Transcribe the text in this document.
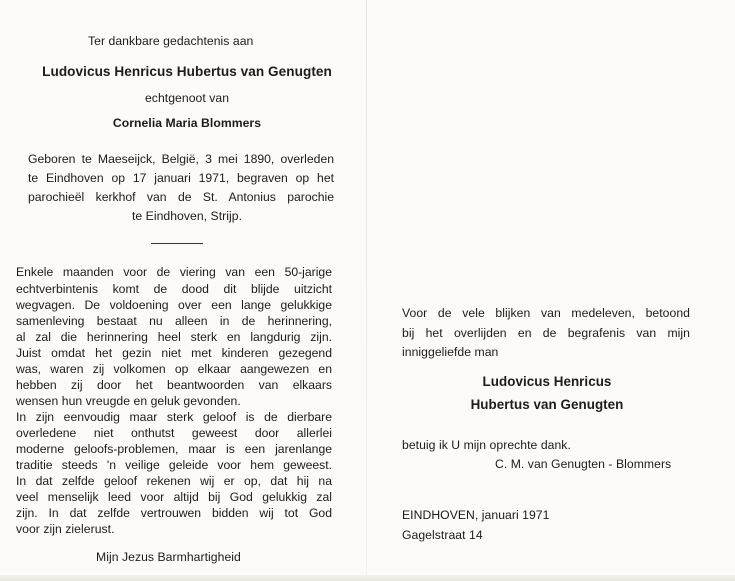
Ter dankbare gedachtenis aan
Ludovicus Henricus Hubertus van Genugten
echtgenoot van
Cornelia Maria Blommers
Geboren te Maeseijck, België, 3 mei 1890, overleden
te Eindhoven op 17 januari 1971, begraven op het
parochieël kerkhof van de St. Antonius parochie
te Eindhoven, Strijp.
Enkele maanden voor de viering van een 50-jarige
echtverbintenis komt de dood dit blijde uitzicht
wegvagen. De voldoening over een lange gelukkige
samenleving bestaat nu alleen in de herinnering,
al zal die herinnering heel sterk en langdurig zijn.
Juist omdat het gezin niet met kinderen gezegend
was, waren zij volkomen op elkaar aangewezen en
hebben zij door het beantwoorden van elkaars
wensen hun vreugde en geluk gevonden.
In zijn eenvoudig maar sterk geloof is de dierbare
overledene niet onthutst geweest door allerlei
moderne geloofs-problemen, maar is een jarenlange
traditie steeds 'n veilige geleide voor hem geweest.
In dat zelfde geloof rekenen wij er op, dat hij na
veel menselijk leed voor altijd bij God gelukkig zal
zijn. In dat zelfde vertrouwen bidden wij tot God
voor zijn zielerust.
Mijn Jezus Barmhartigheid
Voor de vele blijken van medeleven, betoond
bij het overlijden en de begrafenis van mijn
inniggeliefde man
Ludovicus Henricus
Hubertus van Genugten
betuig ik U mijn oprechte dank.
C. M. van Genugten - Blommers
EINDHOVEN, januari 1971
Gagelstraat 14
